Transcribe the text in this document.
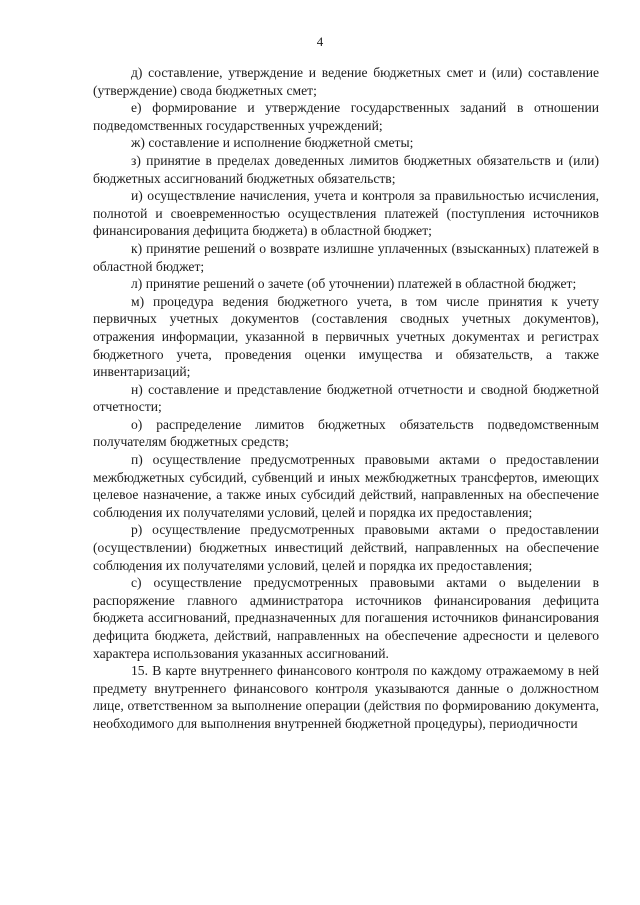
4

д) составление, утверждение и ведение бюджетных смет и (или) составление (утверждение) свода бюджетных смет;

е) формирование и утверждение государственных заданий в отношении подведомственных государственных учреждений;

ж) составление и исполнение бюджетной сметы;

з) принятие в пределах доведенных лимитов бюджетных обязательств и (или) бюджетных ассигнований бюджетных обязательств;

и) осуществление начисления, учета и контроля за правильностью исчисления, полнотой и своевременностью осуществления платежей (поступления источников финансирования дефицита бюджета) в областной бюджет;

к) принятие решений о возврате излишне уплаченных (взысканных) платежей в областной бюджет;

л) принятие решений о зачете (об уточнении) платежей в областной бюджет;

м) процедура ведения бюджетного учета, в том числе принятия к учету первичных учетных документов (составления сводных учетных документов), отражения информации, указанной в первичных учетных документах и регистрах бюджетного учета, проведения оценки имущества и обязательств, а также инвентаризаций;

н) составление и представление бюджетной отчетности и сводной бюджетной отчетности;

о) распределение лимитов бюджетных обязательств подведомственным получателям бюджетных средств;

п) осуществление предусмотренных правовыми актами о предоставлении межбюджетных субсидий, субвенций и иных межбюджетных трансфертов, имеющих целевое назначение, а также иных субсидий действий, направленных на обеспечение соблюдения их получателями условий, целей и порядка их предоставления;

р) осуществление предусмотренных правовыми актами о предоставлении (осуществлении) бюджетных инвестиций действий, направленных на обеспечение соблюдения их получателями условий, целей и порядка их предоставления;

с) осуществление предусмотренных правовыми актами о выделении в распоряжение главного администратора источников финансирования дефицита бюджета ассигнований, предназначенных для погашения источников финансирования дефицита бюджета, действий, направленных на обеспечение адресности и целевого характера использования указанных ассигнований.

15. В карте внутреннего финансового контроля по каждому отражаемому в ней предмету внутреннего финансового контроля указываются данные о должностном лице, ответственном за выполнение операции (действия по формированию документа, необходимого для выполнения внутренней бюджетной процедуры), периодичности
